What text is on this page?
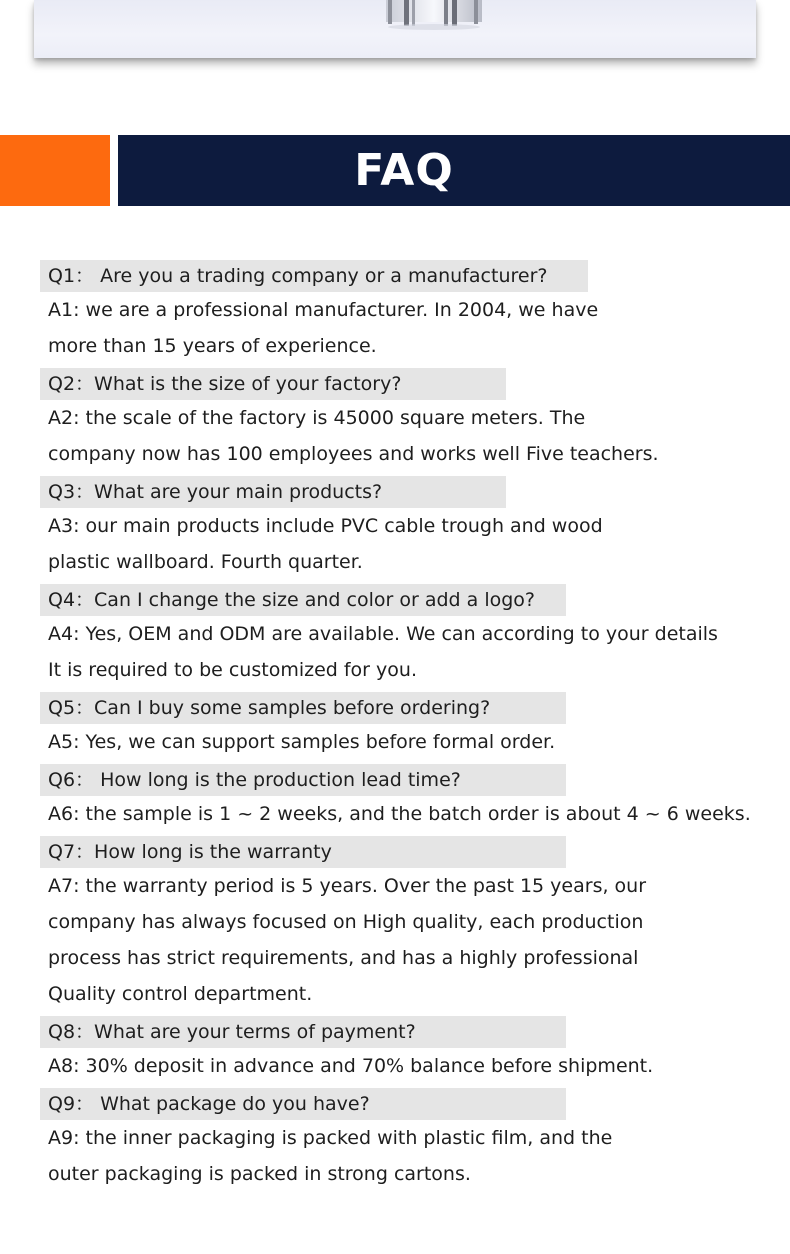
FAQ
Q1： Are you a trading company or a manufacturer?
A1: we are a professional manufacturer. In 2004, we have
more than 15 years of experience.
Q2：What is the size of your factory?
A2: the scale of the factory is 45000 square meters. The
company now has 100 employees and works well Five teachers.
Q3：What are your main products?
A3: our main products include PVC cable trough and wood
plastic wallboard. Fourth quarter.
Q4：Can I change the size and color or add a logo?
A4: Yes, OEM and ODM are available. We can according to your details
It is required to be customized for you.
Q5：Can I buy some samples before ordering?
A5: Yes, we can support samples before formal order.
Q6： How long is the production lead time?
A6: the sample is 1 ~ 2 weeks, and the batch order is about 4 ~ 6 weeks.
Q7：How long is the warranty
A7: the warranty period is 5 years. Over the past 15 years, our
company has always focused on High quality, each production
process has strict requirements, and has a highly professional
Quality control department.
Q8：What are your terms of payment?
A8: 30% deposit in advance and 70% balance before shipment.
Q9： What package do you have?
A9: the inner packaging is packed with plastic film, and the
outer packaging is packed in strong cartons.
